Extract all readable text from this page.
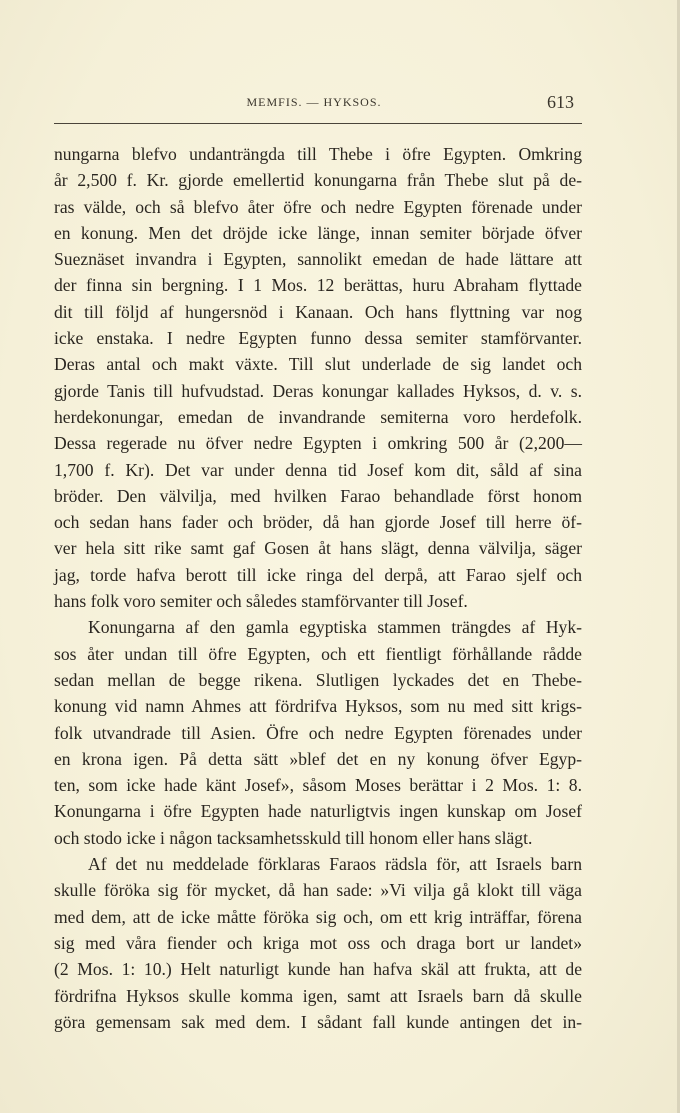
MEMFIS. — HYKSOS.	613
nungarna blefvo undanträngda till Thebe i öfre Egypten. Omkring
år 2,500 f. Kr. gjorde emellertid konungarna från Thebe slut på de-
ras välde, och så blefvo åter öfre och nedre Egypten förenade under
en konung. Men det dröjde icke länge, innan semiter började öfver
Sueznäset invandra i Egypten, sannolikt emedan de hade lättare att
der finna sin bergning. I 1 Mos. 12 berättas, huru Abraham flyttade
dit till följd af hungersnöd i Kanaan. Och hans flyttning var nog
icke enstaka. I nedre Egypten funno dessa semiter stamförvanter.
Deras antal och makt växte. Till slut underlade de sig landet och
gjorde Tanis till hufvudstad. Deras konungar kallades Hyksos, d. v. s.
herdekonungar, emedan de invandrande semiterna voro herdefolk.
Dessa regerade nu öfver nedre Egypten i omkring 500 år (2,200—
1,700 f. Kr). Det var under denna tid Josef kom dit, såld af sina
bröder. Den välvilja, med hvilken Farao behandlade först honom
och sedan hans fader och bröder, då han gjorde Josef till herre öf-
ver hela sitt rike samt gaf Gosen åt hans slägt, denna välvilja, säger
jag, torde hafva berott till icke ringa del derpå, att Farao sjelf och
hans folk voro semiter och således stamförvanter till Josef.
Konungarna af den gamla egyptiska stammen trängdes af Hyk-
sos åter undan till öfre Egypten, och ett fientligt förhållande rådde
sedan mellan de begge rikena. Slutligen lyckades det en Thebe-
konung vid namn Ahmes att fördrifva Hyksos, som nu med sitt krigs-
folk utvandrade till Asien. Öfre och nedre Egypten förenades under
en krona igen. På detta sätt »blef det en ny konung öfver Egyp-
ten, som icke hade känt Josef», såsom Moses berättar i 2 Mos. 1: 8.
Konungarna i öfre Egypten hade naturligtvis ingen kunskap om Josef
och stodo icke i någon tacksamhetsskuld till honom eller hans slägt.
Af det nu meddelade förklaras Faraos rädsla för, att Israels barn
skulle föröka sig för mycket, då han sade: »Vi vilja gå klokt till väga
med dem, att de icke måtte föröka sig och, om ett krig inträffar, förena
sig med våra fiender och kriga mot oss och draga bort ur landet»
(2 Mos. 1: 10.) Helt naturligt kunde han hafva skäl att frukta, att de
fördrifna Hyksos skulle komma igen, samt att Israels barn då skulle
göra gemensam sak med dem. I sådant fall kunde antingen det in-
